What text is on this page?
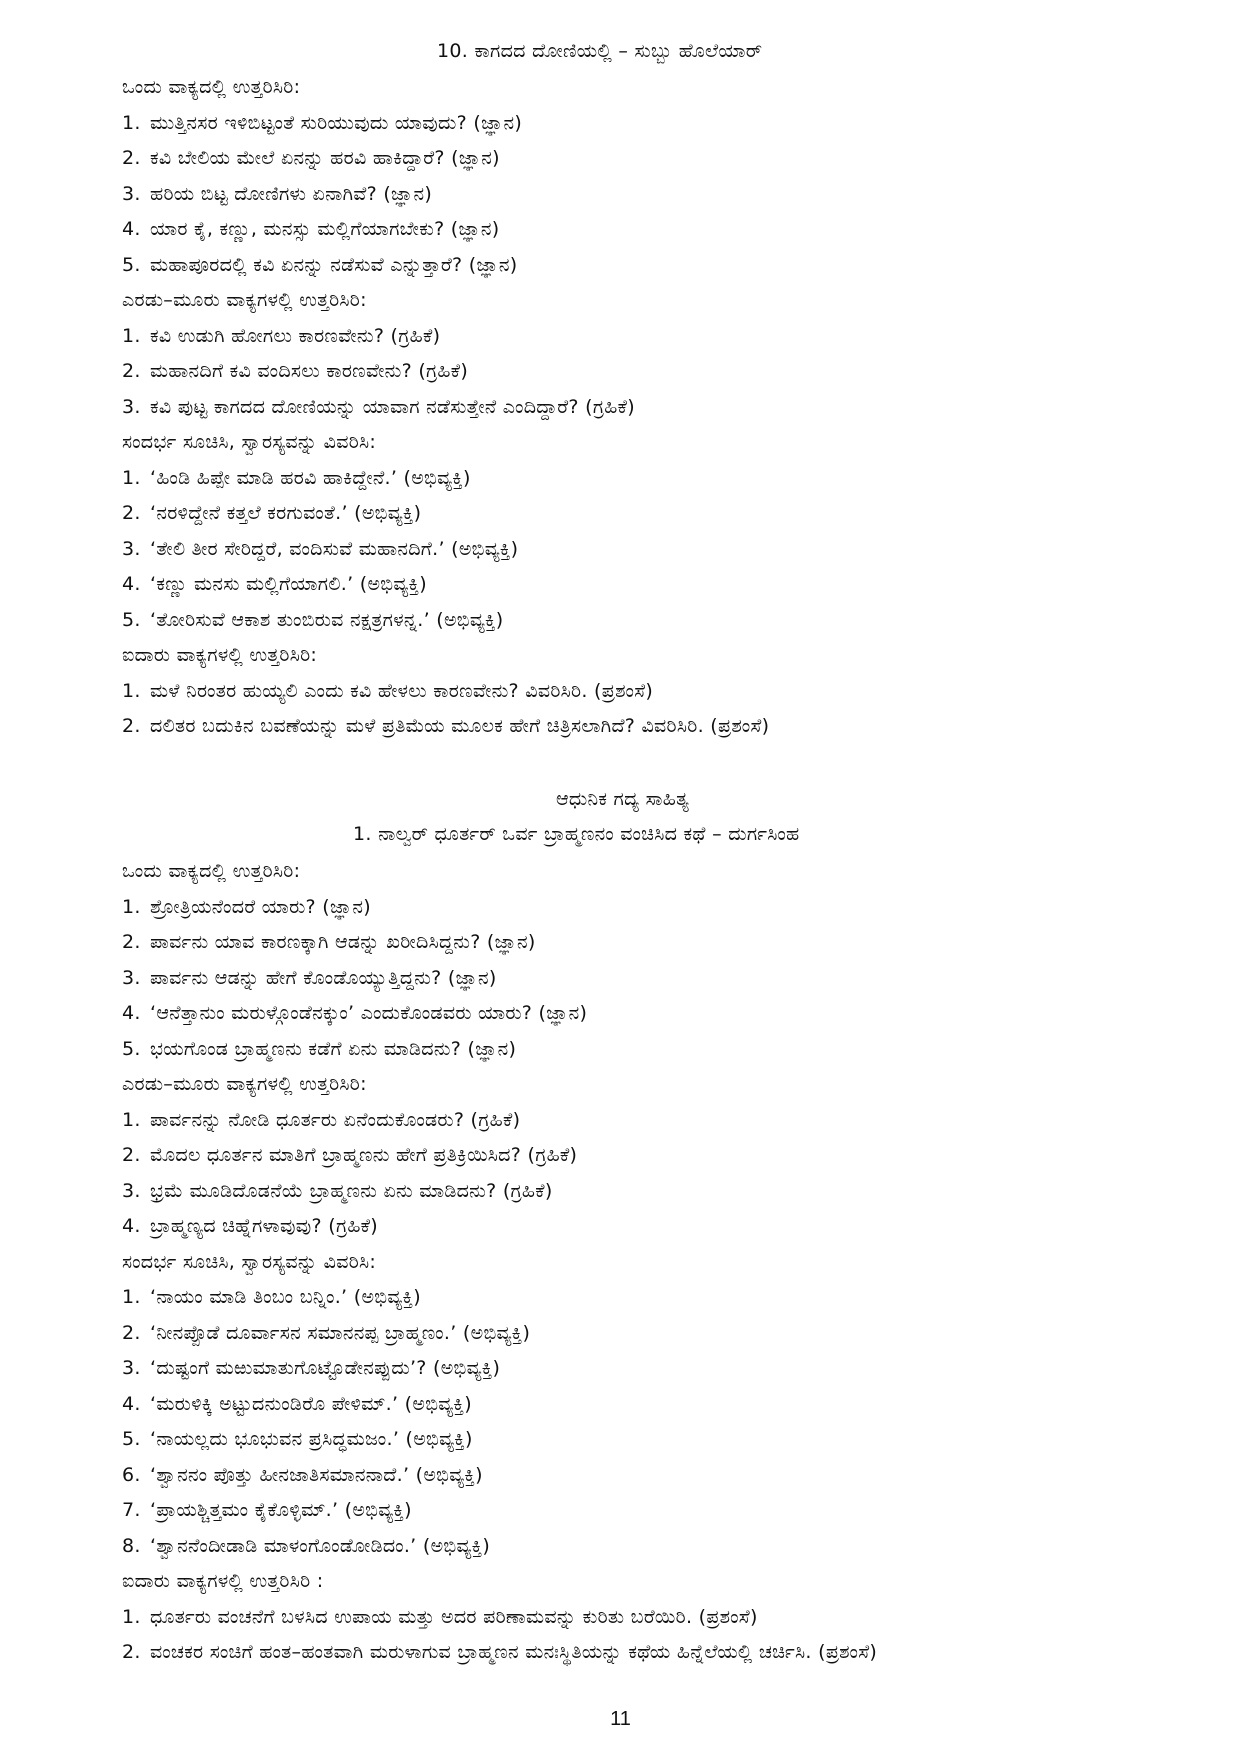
10. ಕಾಗದದ ದೋಣಿಯಲ್ಲಿ – ಸುಬ್ಬು ಹೊಲೆಯಾರ್
ಒಂದು ವಾಕ್ಯದಲ್ಲಿ ಉತ್ತರಿಸಿರಿ:
1. ಮುತ್ತಿನಸರ ಇಳಿಬಿಟ್ಟಂತೆ ಸುರಿಯುವುದು ಯಾವುದು? (ಜ್ಞಾನ)
2. ಕವಿ ಬೇಲಿಯ ಮೇಲೆ ಏನನ್ನು ಹರವಿ ಹಾಕಿದ್ದಾರೆ? (ಜ್ಞಾನ)
3. ಹರಿಯ ಬಿಟ್ಟ ದೋಣಿಗಳು ಏನಾಗಿವೆ? (ಜ್ಞಾನ)
4. ಯಾರ ಕೈ, ಕಣ್ಣು, ಮನಸ್ಸು ಮಲ್ಲಿಗೆಯಾಗಬೇಕು? (ಜ್ಞಾನ)
5. ಮಹಾಪೂರದಲ್ಲಿ ಕವಿ ಏನನ್ನು ನಡೆಸುವೆ ಎನ್ನುತ್ತಾರೆ? (ಜ್ಞಾನ)
ಎರಡು–ಮೂರು ವಾಕ್ಯಗಳಲ್ಲಿ ಉತ್ತರಿಸಿರಿ:
1. ಕವಿ ಉಡುಗಿ ಹೋಗಲು ಕಾರಣವೇನು? (ಗ್ರಹಿಕೆ)
2. ಮಹಾನದಿಗೆ ಕವಿ ವಂದಿಸಲು ಕಾರಣವೇನು? (ಗ್ರಹಿಕೆ)
3. ಕವಿ ಪುಟ್ಟ ಕಾಗದದ ದೋಣಿಯನ್ನು ಯಾವಾಗ ನಡೆಸುತ್ತೇನೆ ಎಂದಿದ್ದಾರೆ? (ಗ್ರಹಿಕೆ)
ಸಂದರ್ಭ ಸೂಚಿಸಿ, ಸ್ವಾರಸ್ಯವನ್ನು ವಿವರಿಸಿ:
1. ‘ಹಿಂಡಿ ಹಿಪ್ಪೇ ಮಾಡಿ ಹರವಿ ಹಾಕಿದ್ದೇನೆ.’ (ಅಭಿವ್ಯಕ್ತಿ)
2. ‘ನರಳಿದ್ದೇನೆ ಕತ್ತಲೆ ಕರಗುವಂತೆ.’ (ಅಭಿವ್ಯಕ್ತಿ)
3. ‘ತೇಲಿ ತೀರ ಸೇರಿದ್ದರೆ, ವಂದಿಸುವೆ ಮಹಾನದಿಗೆ.’ (ಅಭಿವ್ಯಕ್ತಿ)
4. ‘ಕಣ್ಣು ಮನಸು ಮಲ್ಲಿಗೆಯಾಗಲಿ.’ (ಅಭಿವ್ಯಕ್ತಿ)
5. ‘ತೋರಿಸುವೆ ಆಕಾಶ ತುಂಬಿರುವ ನಕ್ಷತ್ರಗಳನ್ನ.’ (ಅಭಿವ್ಯಕ್ತಿ)
ಐದಾರು ವಾಕ್ಯಗಳಲ್ಲಿ ಉತ್ತರಿಸಿರಿ:
1. ಮಳೆ ನಿರಂತರ ಹುಯ್ಯಲಿ ಎಂದು ಕವಿ ಹೇಳಲು ಕಾರಣವೇನು? ವಿವರಿಸಿರಿ. (ಪ್ರಶಂಸೆ)
2. ದಲಿತರ ಬದುಕಿನ ಬವಣೆಯನ್ನು ಮಳೆ ಪ್ರತಿಮೆಯ ಮೂಲಕ ಹೇಗೆ ಚಿತ್ರಿಸಲಾಗಿದೆ? ವಿವರಿಸಿರಿ. (ಪ್ರಶಂಸೆ)
ಆಧುನಿಕ ಗದ್ಯ ಸಾಹಿತ್ಯ
1. ನಾಲ್ವರ್ ಧೂರ್ತರ್ ಒರ್ವ ಬ್ರಾಹ್ಮಣನಂ ವಂಚಿಸಿದ ಕಥೆ – ದುರ್ಗಸಿಂಹ
ಒಂದು ವಾಕ್ಯದಲ್ಲಿ ಉತ್ತರಿಸಿರಿ:
1. ಶ್ರೋತ್ರಿಯನೆಂದರೆ ಯಾರು? (ಜ್ಞಾನ)
2. ಪಾರ್ವನು ಯಾವ ಕಾರಣಕ್ಕಾಗಿ ಆಡನ್ನು ಖರೀದಿಸಿದ್ದನು? (ಜ್ಞಾನ)
3. ಪಾರ್ವನು ಆಡನ್ನು ಹೇಗೆ ಕೊಂಡೊಯ್ಯುತ್ತಿದ್ದನು? (ಜ್ಞಾನ)
4. ‘ಆನೆತ್ತಾನುಂ ಮರುಳ್ಗೊಂಡೆನಕ್ಕುಂ’ ಎಂದುಕೊಂಡವರು ಯಾರು? (ಜ್ಞಾನ)
5. ಭಯಗೊಂಡ ಬ್ರಾಹ್ಮಣನು ಕಡೆಗೆ ಏನು ಮಾಡಿದನು? (ಜ್ಞಾನ)
ಎರಡು–ಮೂರು ವಾಕ್ಯಗಳಲ್ಲಿ ಉತ್ತರಿಸಿರಿ:
1. ಪಾರ್ವನನ್ನು ನೋಡಿ ಧೂರ್ತರು ಏನೆಂದುಕೊಂಡರು? (ಗ್ರಹಿಕೆ)
2. ಮೊದಲ ಧೂರ್ತನ ಮಾತಿಗೆ ಬ್ರಾಹ್ಮಣನು ಹೇಗೆ ಪ್ರತಿಕ್ರಿಯಿಸಿದ? (ಗ್ರಹಿಕೆ)
3. ಭ್ರಮೆ ಮೂಡಿದೊಡನೆಯೆ ಬ್ರಾಹ್ಮಣನು ಏನು ಮಾಡಿದನು? (ಗ್ರಹಿಕೆ)
4. ಬ್ರಾಹ್ಮಣ್ಯದ ಚಿಹ್ನೆಗಳಾವುವು? (ಗ್ರಹಿಕೆ)
ಸಂದರ್ಭ ಸೂಚಿಸಿ, ಸ್ವಾರಸ್ಯವನ್ನು ವಿವರಿಸಿ:
1. ‘ನಾಯಂ ಮಾಡಿ ತಿಂಬಂ ಬನ್ನಿಂ.’ (ಅಭಿವ್ಯಕ್ತಿ)
2. ‘ನೀನಪ್ಪೊಡೆ ದೂರ್ವಾಸನ ಸಮಾನನಪ್ಪ ಬ್ರಾಹ್ಮಣಂ.’ (ಅಭಿವ್ಯಕ್ತಿ)
3. ‘ದುಷ್ಟಂಗೆ ಮಱುಮಾತುಗೊಟ್ಟೊಡೇನಪ್ಪುದು’? (ಅಭಿವ್ಯಕ್ತಿ)
4. ‘ಮರುಳಿಕ್ಕಿ ಅಟ್ಟುದನುಂಡಿರೊ ಪೇಳಿಮ್.’ (ಅಭಿವ್ಯಕ್ತಿ)
5. ‘ನಾಯಲ್ಲದು ಭೂಭುವನ ಪ್ರಸಿದ್ಧಮಜಂ.’ (ಅಭಿವ್ಯಕ್ತಿ)
6. ‘ಶ್ವಾನನಂ ಪೊತ್ತು ಹೀನಜಾತಿಸಮಾನನಾದೆ.’ (ಅಭಿವ್ಯಕ್ತಿ)
7. ‘ಪ್ರಾಯಶ್ಚಿತ್ತಮಂ ಕೈಕೊಳ್ಳಿಮ್.’ (ಅಭಿವ್ಯಕ್ತಿ)
8. ‘ಶ್ವಾನನೆಂದೀಡಾಡಿ ಮಾಳಂಗೊಂಡೋಡಿದಂ.’ (ಅಭಿವ್ಯಕ್ತಿ)
ಐದಾರು ವಾಕ್ಯಗಳಲ್ಲಿ ಉತ್ತರಿಸಿರಿ :
1. ಧೂರ್ತರು ವಂಚನೆಗೆ ಬಳಸಿದ ಉಪಾಯ ಮತ್ತು ಅದರ ಪರಿಣಾಮವನ್ನು ಕುರಿತು ಬರೆಯಿರಿ. (ಪ್ರಶಂಸೆ)
2. ವಂಚಕರ ಸಂಚಿಗೆ ಹಂತ–ಹಂತವಾಗಿ ಮರುಳಾಗುವ ಬ್ರಾಹ್ಮಣನ ಮನಃಸ್ಥಿತಿಯನ್ನು ಕಥೆಯ ಹಿನ್ನೆಲೆಯಲ್ಲಿ ಚರ್ಚಿಸಿ. (ಪ್ರಶಂಸೆ)
11
